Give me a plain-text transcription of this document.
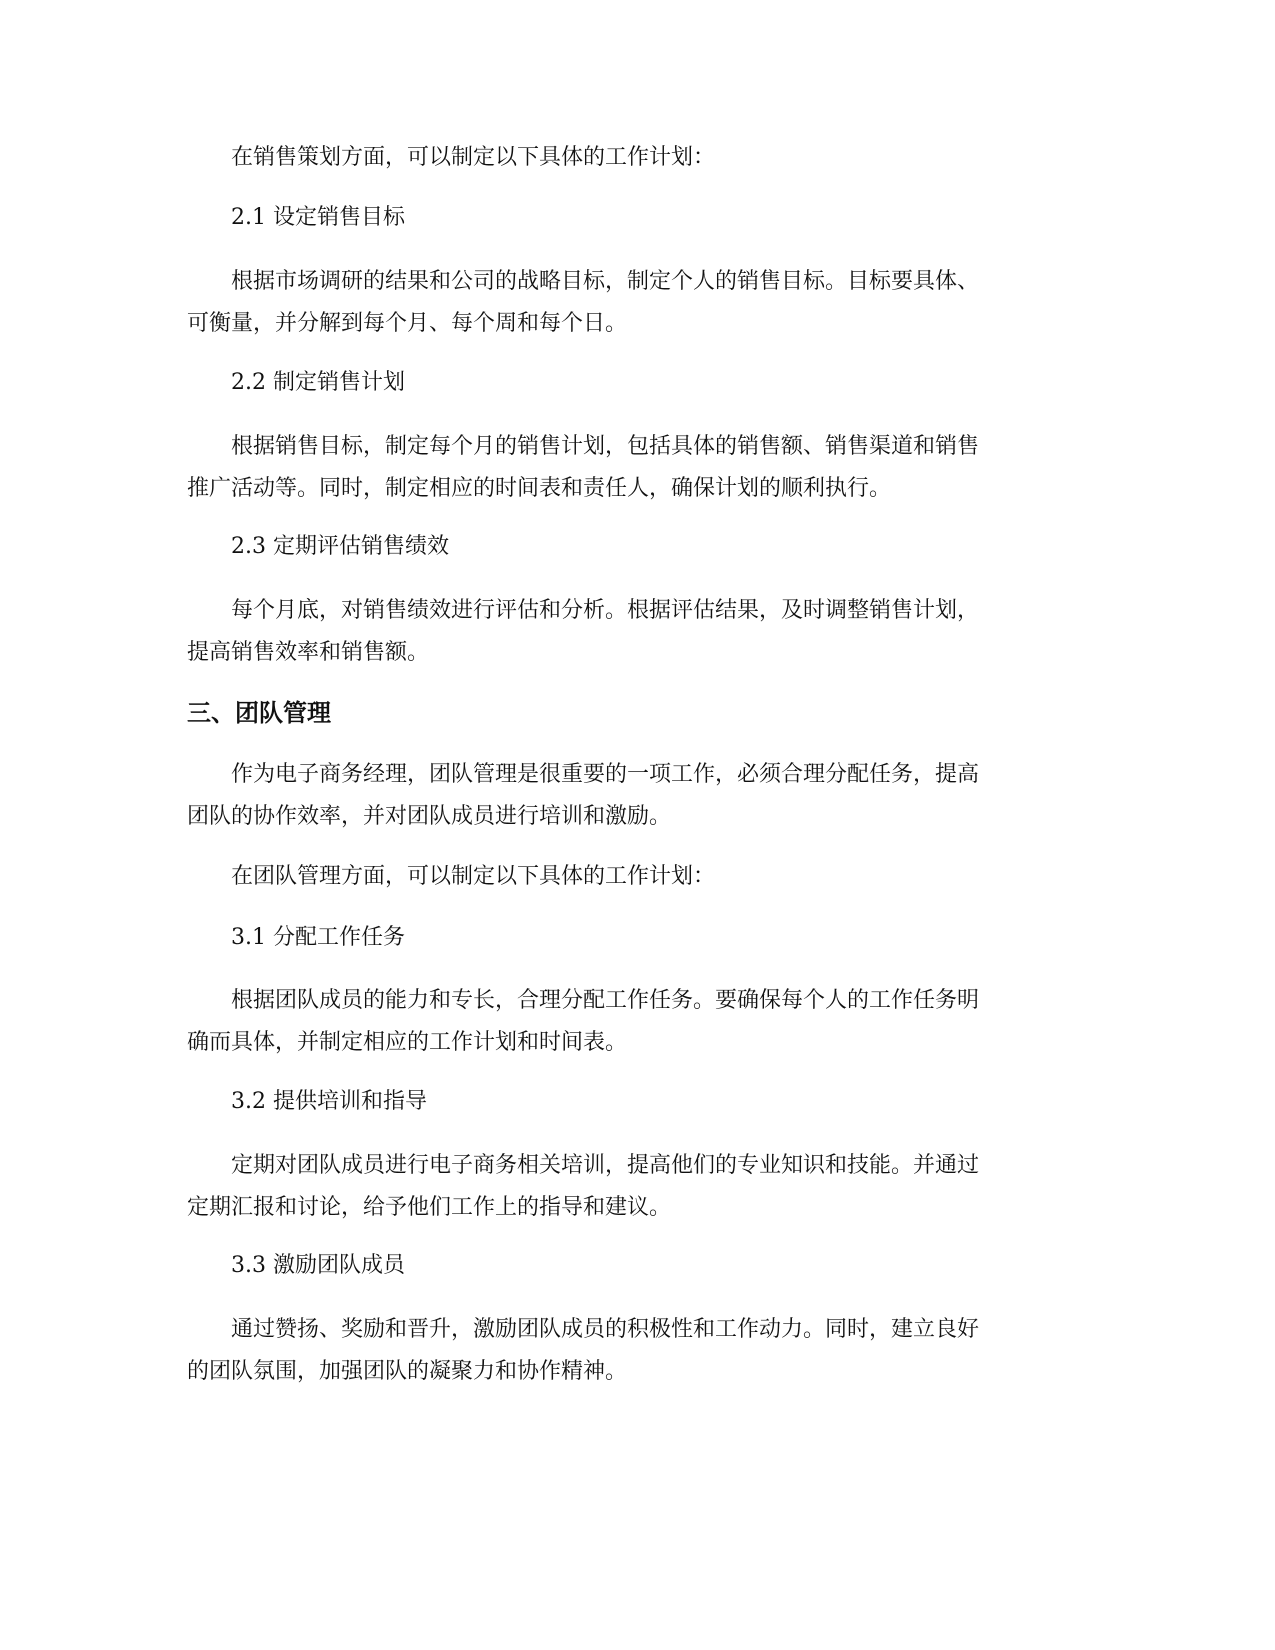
在销售策划方面，可以制定以下具体的工作计划：

2.1 设定销售目标

根据市场调研的结果和公司的战略目标，制定个人的销售目标。目标要具体、
可衡量，并分解到每个月、每个周和每个日。

2.2 制定销售计划

根据销售目标，制定每个月的销售计划，包括具体的销售额、销售渠道和销售
推广活动等。同时，制定相应的时间表和责任人，确保计划的顺利执行。

2.3 定期评估销售绩效

每个月底，对销售绩效进行评估和分析。根据评估结果，及时调整销售计划，
提高销售效率和销售额。

三、团队管理

作为电子商务经理，团队管理是很重要的一项工作，必须合理分配任务，提高
团队的协作效率，并对团队成员进行培训和激励。

在团队管理方面，可以制定以下具体的工作计划：

3.1 分配工作任务

根据团队成员的能力和专长，合理分配工作任务。要确保每个人的工作任务明
确而具体，并制定相应的工作计划和时间表。

3.2 提供培训和指导

定期对团队成员进行电子商务相关培训，提高他们的专业知识和技能。并通过
定期汇报和讨论，给予他们工作上的指导和建议。

3.3 激励团队成员

通过赞扬、奖励和晋升，激励团队成员的积极性和工作动力。同时，建立良好
的团队氛围，加强团队的凝聚力和协作精神。
